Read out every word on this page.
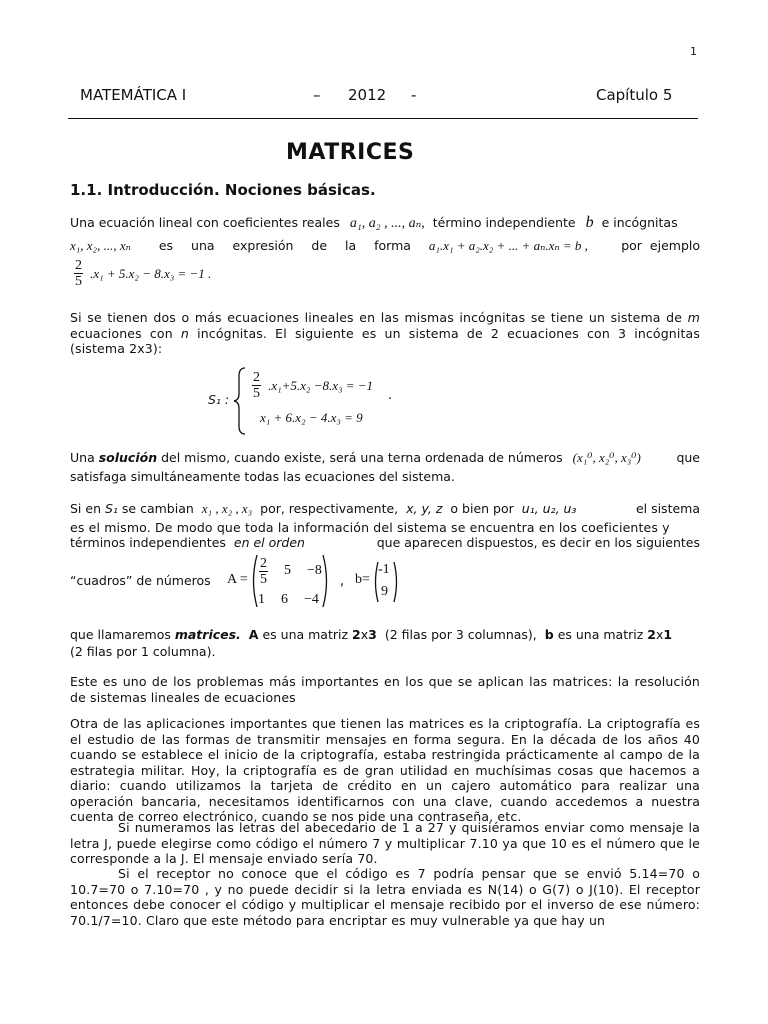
1
MATEMÁTICA I	– 2012 -	Capítulo 5
MATRICES
1.1. Introducción. Nociones básicas.
Una ecuación lineal con coeficientes reales a₁, a₂ , ..., aₙ, término independiente b e incógnitas
x₁, x₂, ..., xₙ es una expresión de la forma a₁.x₁ + a₂.x₂ + ... + aₙ.xₙ = b ,	por ejemplo
$\frac{2}{5} .x_1 + 5.x_2 - 8.x_3 = -1$ .
Si se tienen dos o más ecuaciones lineales en las mismas incógnitas se tiene un sistema de m ecuaciones con n incógnitas. El siguiente es un sistema de 2 ecuaciones con 3 incógnitas (sistema 2x3):
S₁ : $\frac{2}{5} .x_1+5.x_2 -8.x_3 = -1$
.
x₁ + 6.x₂ − 4.x₃ = 9
Una solución del mismo, cuando existe, será una terna ordenada de números (x₁⁰, x₂⁰, x₃⁰)	que
satisfaga simultáneamente todas las ecuaciones del sistema.
Si en S₁ se cambian x₁ , x₂ , x₃ por, respectivamente, x, y, z o bien por u₁, u₂, u₃	el sistema
es el mismo. De modo que toda la información del sistema se encuentra en los coeficientes y
términos independientes en el orden	que aparecen dispuestos, es decir en los siguientes
“cuadros” de números $A = \frac{2}{5} 5 -8$
1 6 −4
, b=
-1
9
que llamaremos matrices. A es una matriz 2x3 (2 filas por 3 columnas), b es una matriz 2x1
(2 filas por 1 columna).
Este es uno de los problemas más importantes en los que se aplican las matrices: la resolución de sistemas lineales de ecuaciones
Otra de las aplicaciones importantes que tienen las matrices es la criptografía. La criptografía es el estudio de las formas de transmitir mensajes en forma segura. En la década de los años 40 cuando se establece el inicio de la criptografía, estaba restringida prácticamente al campo de la estrategia militar. Hoy, la criptografía es de gran utilidad en muchísimas cosas que hacemos a diario: cuando utilizamos la tarjeta de crédito en un cajero automático para realizar una operación bancaria, necesitamos identificarnos con una clave, cuando accedemos a nuestra cuenta de correo electrónico, cuando se nos pide una contraseña, etc.
Si numeramos las letras del abecedario de 1 a 27 y quisiéramos enviar como mensaje la letra J, puede elegirse como código el número 7 y multiplicar 7.10 ya que 10 es el número que le corresponde a la J. El mensaje enviado sería 70.
Si el receptor no conoce que el código es 7 podría pensar que se envió 5.14=70 o 10.7=70 o 7.10=70 , y no puede decidir si la letra enviada es N(14) o G(7) o J(10). El receptor entonces debe conocer el código y multiplicar el mensaje recibido por el inverso de ese número: 70.1/7=10. Claro que este método para encriptar es muy vulnerable ya que hay un
